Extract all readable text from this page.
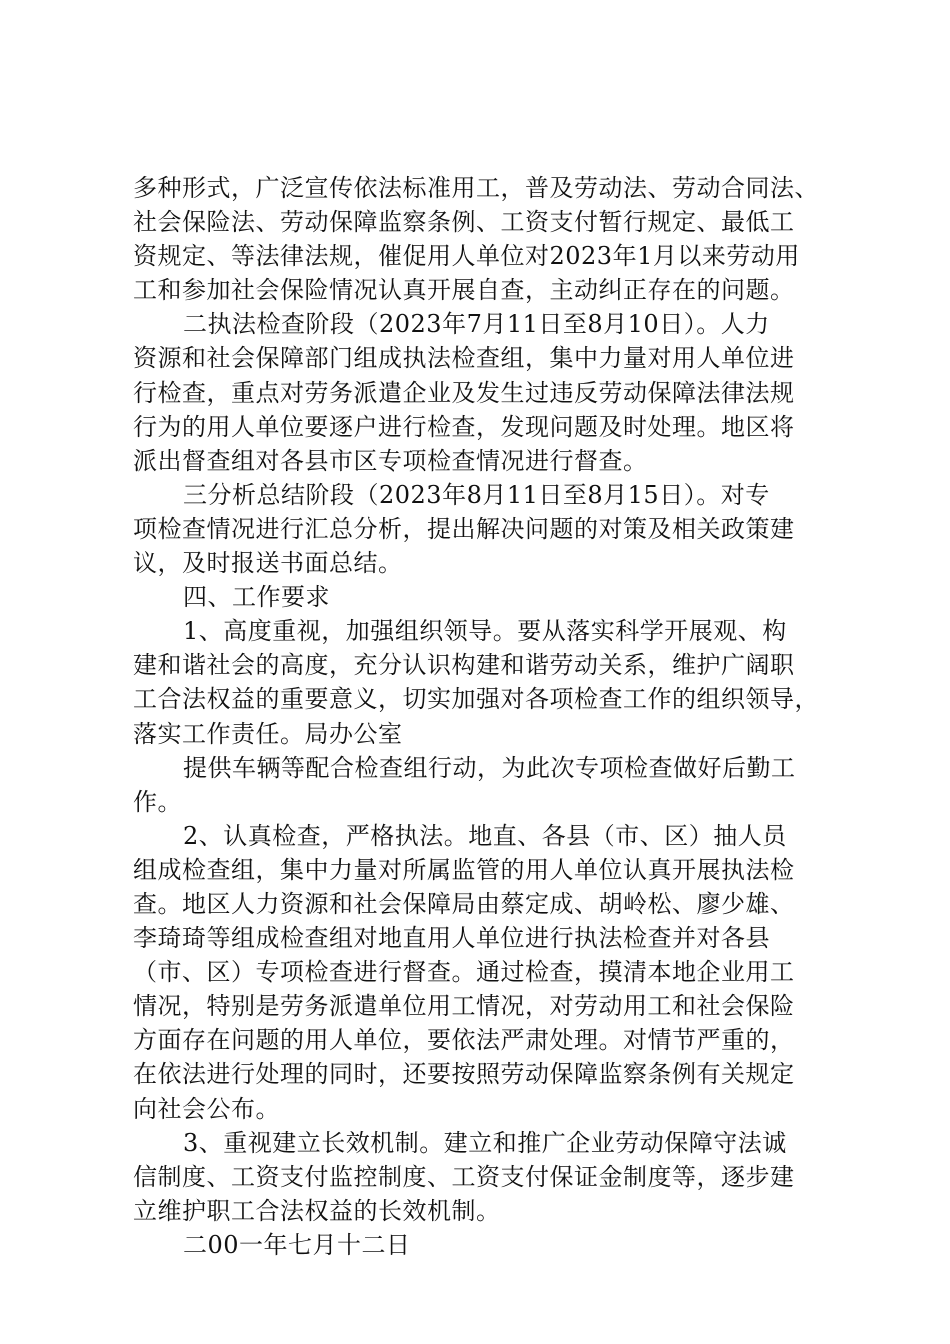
多种形式，广泛宣传依法标准用工，普及劳动法、劳动合同法、
社会保险法、劳动保障监察条例、工资支付暂行规定、最低工
资规定、等法律法规，催促用人单位对2023年1月以来劳动用
工和参加社会保险情况认真开展自查，主动纠正存在的问题。
二执法检查阶段（2023年7月11日至8月10日）。人力
资源和社会保障部门组成执法检查组，集中力量对用人单位进
行检查，重点对劳务派遣企业及发生过违反劳动保障法律法规
行为的用人单位要逐户进行检查，发现问题及时处理。地区将
派出督查组对各县市区专项检查情况进行督查。
三分析总结阶段（2023年8月11日至8月15日）。对专
项检查情况进行汇总分析，提出解决问题的对策及相关政策建
议，及时报送书面总结。
四、工作要求
1、高度重视，加强组织领导。要从落实科学开展观、构
建和谐社会的高度，充分认识构建和谐劳动关系，维护广阔职
工合法权益的重要意义，切实加强对各项检查工作的组织领导，
落实工作责任。局办公室
提供车辆等配合检查组行动，为此次专项检查做好后勤工
作。
2、认真检查，严格执法。地直、各县（市、区）抽人员
组成检查组，集中力量对所属监管的用人单位认真开展执法检
查。地区人力资源和社会保障局由蔡定成、胡岭松、廖少雄、
李琦琦等组成检查组对地直用人单位进行执法检查并对各县
（市、区）专项检查进行督查。通过检查，摸清本地企业用工
情况，特别是劳务派遣单位用工情况，对劳动用工和社会保险
方面存在问题的用人单位，要依法严肃处理。对情节严重的，
在依法进行处理的同时，还要按照劳动保障监察条例有关规定
向社会公布。
3、重视建立长效机制。建立和推广企业劳动保障守法诚
信制度、工资支付监控制度、工资支付保证金制度等，逐步建
立维护职工合法权益的长效机制。
二00一年七月十二日
